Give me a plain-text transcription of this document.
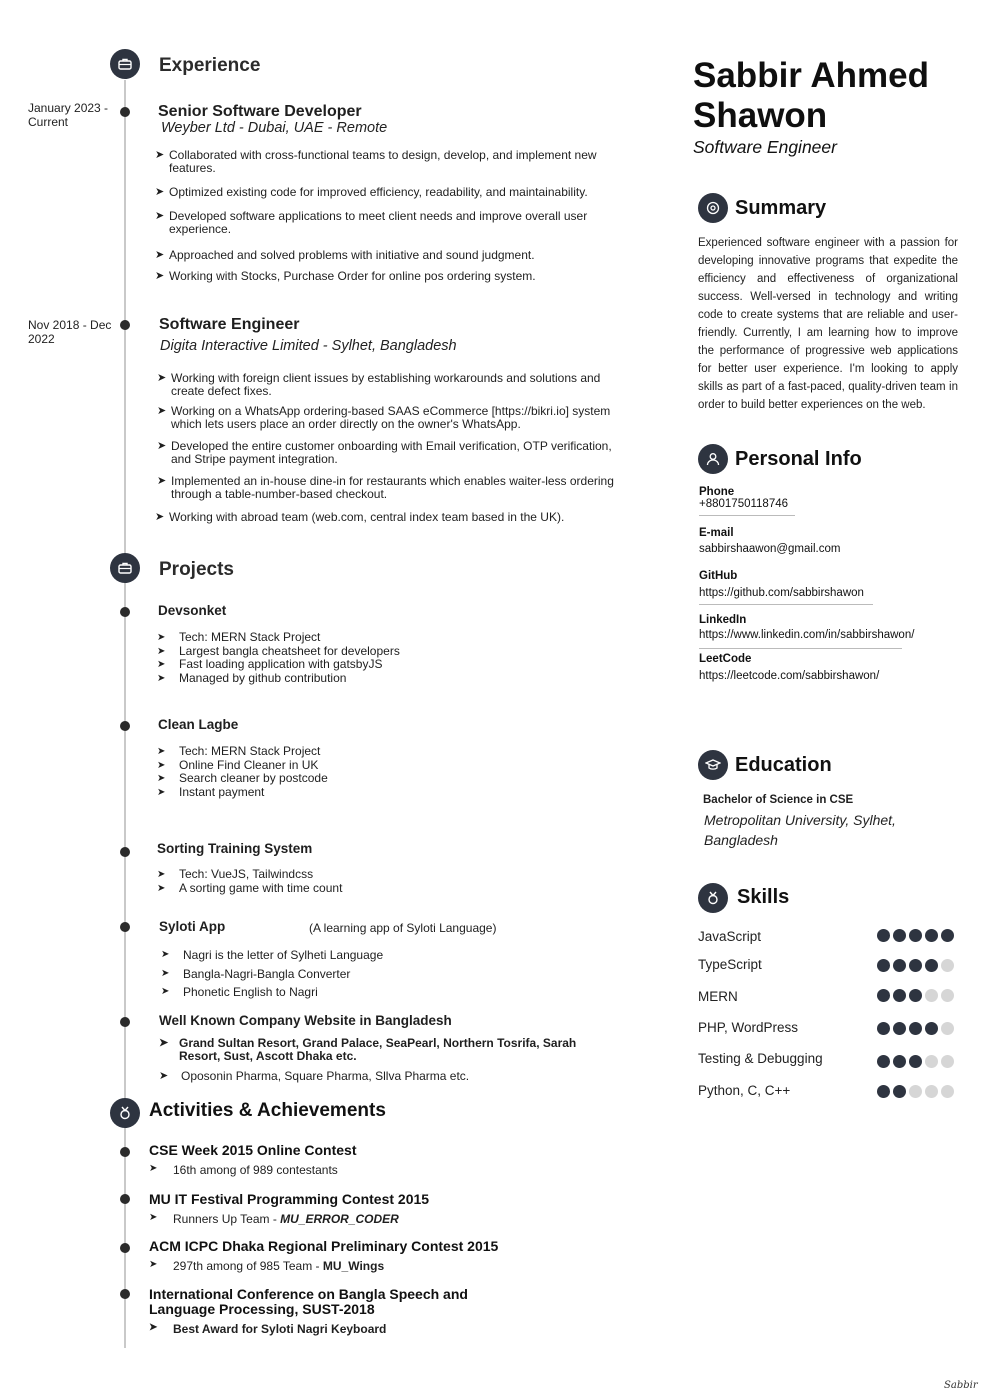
Experience
January 2023 - Current
Senior Software Developer
Weyber Ltd - Dubai, UAE - Remote
➤ Collaborated with cross-functional teams to design, develop, and implement new features.
➤ Optimized existing code for improved efficiency, readability, and maintainability.
➤ Developed software applications to meet client needs and improve overall user experience.
➤ Approached and solved problems with initiative and sound judgment.
➤ Working with Stocks, Purchase Order for online pos ordering system.
Nov 2018 - Dec 2022
Software Engineer
Digita Interactive Limited - Sylhet, Bangladesh
➤ Working with foreign client issues by establishing workarounds and solutions and create defect fixes.
➤ Working on a WhatsApp ordering-based SAAS eCommerce [https://bikri.io] system which lets users place an order directly on the owner's WhatsApp.
➤ Developed the entire customer onboarding with Email verification, OTP verification, and Stripe payment integration.
➤ Implemented an in-house dine-in for restaurants which enables waiter-less ordering through a table-number-based checkout.
➤ Working with abroad team (web.com, central index team based in the UK).
Projects
Devsonket
➤ Tech: MERN Stack Project
➤ Largest bangla cheatsheet for developers
➤ Fast loading application with gatsbyJS
➤ Managed by github contribution
Clean Lagbe
➤ Tech: MERN Stack Project
➤ Online Find Cleaner in UK
➤ Search cleaner by postcode
➤ Instant payment
Sorting Training System
➤ Tech: VueJS, Tailwindcss
➤ A sorting game with time count
Syloti App	(A learning app of Syloti Language)
➤ Nagri is the letter of Sylheti Language
➤ Bangla-Nagri-Bangla Converter
➤ Phonetic English to Nagri
Well Known Company Website in Bangladesh
➤ Grand Sultan Resort, Grand Palace, SeaPearl, Northern Tosrifa, Sarah Resort, Sust, Ascott Dhaka etc.
➤ Oposonin Pharma, Square Pharma, Sllva Pharma etc.
Activities & Achievements
CSE Week 2015 Online Contest
➤ 16th among of 989 contestants
MU IT Festival Programming Contest 2015
➤ Runners Up Team - MU_ERROR_CODER
ACM ICPC Dhaka Regional Preliminary Contest 2015
➤ 297th among of 985 Team - MU_Wings
International Conference on Bangla Speech and Language Processing, SUST-2018
➤ Best Award for Syloti Nagri Keyboard
Sabbir Ahmed Shawon
Software Engineer
Summary
Experienced software engineer with a passion for developing innovative programs that expedite the efficiency and effectiveness of organizational success. Well-versed in technology and writing code to create systems that are reliable and user-friendly. Currently, I am learning how to improve the performance of progressive web applications for better user experience. I'm looking to apply skills as part of a fast-paced, quality-driven team in order to build better experiences on the web.
Personal Info
Phone
+8801750118746
E-mail
sabbirshaawon@gmail.com
GitHub
https://github.com/sabbirshawon
LinkedIn
https://www.linkedin.com/in/sabbirshawon/
LeetCode
https://leetcode.com/sabbirshawon/
Education
Bachelor of Science in CSE
Metropolitan University, Sylhet, Bangladesh
Skills
JavaScript
TypeScript
MERN
PHP, WordPress
Testing & Debugging
Python, C, C++
Sabbir
